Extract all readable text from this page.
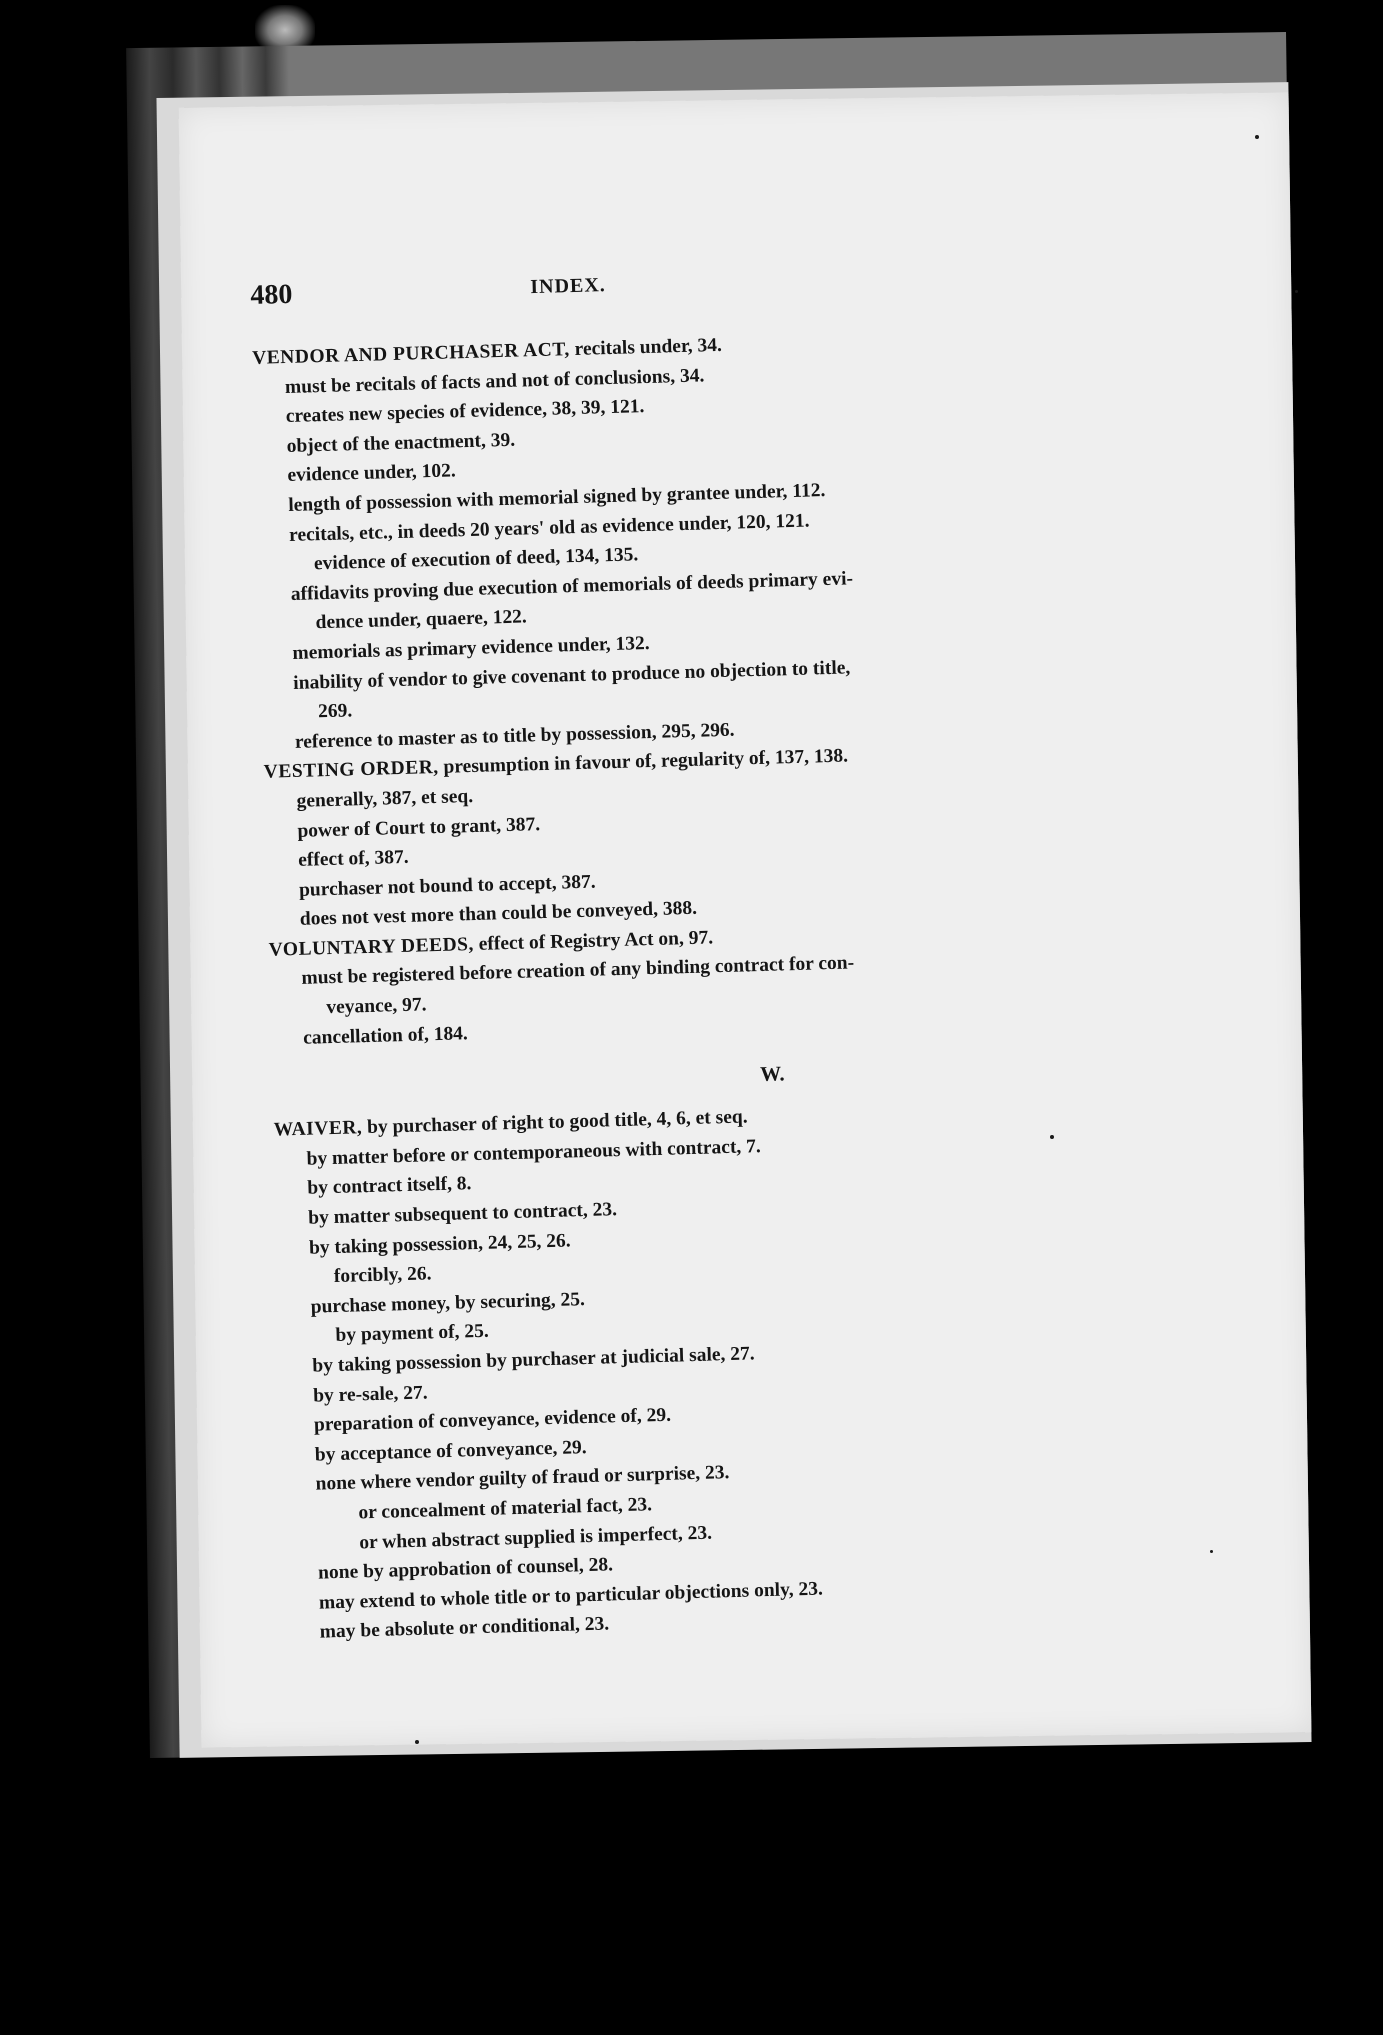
480	INDEX.
VENDOR AND PURCHASER ACT, recitals under, 34.
must be recitals of facts and not of conclusions, 34.
creates new species of evidence, 38, 39, 121.
object of the enactment, 39.
evidence under, 102.
length of possession with memorial signed by grantee under, 112.
recitals, etc., in deeds 20 years' old as evidence under, 120, 121.
evidence of execution of deed, 134, 135.
affidavits proving due execution of memorials of deeds primary evi-
dence under, quaere, 122.
memorials as primary evidence under, 132.
inability of vendor to give covenant to produce no objection to title,
269.
reference to master as to title by possession, 295, 296.
VESTING ORDER, presumption in favour of, regularity of, 137, 138.
generally, 387, et seq.
power of Court to grant, 387.
effect of, 387.
purchaser not bound to accept, 387.
does not vest more than could be conveyed, 388.
VOLUNTARY DEEDS, effect of Registry Act on, 97.
must be registered before creation of any binding contract for con-
veyance, 97.
cancellation of, 184.
W.
WAIVER, by purchaser of right to good title, 4, 6, et seq.
by matter before or contemporaneous with contract, 7.
by contract itself, 8.
by matter subsequent to contract, 23.
by taking possession, 24, 25, 26.
forcibly, 26.
purchase money, by securing, 25.
by payment of, 25.
by taking possession by purchaser at judicial sale, 27.
by re-sale, 27.
preparation of conveyance, evidence of, 29.
by acceptance of conveyance, 29.
none where vendor guilty of fraud or surprise, 23.
or concealment of material fact, 23.
or when abstract supplied is imperfect, 23.
none by approbation of counsel, 28.
may extend to whole title or to particular objections only, 23.
may be absolute or conditional, 23.
